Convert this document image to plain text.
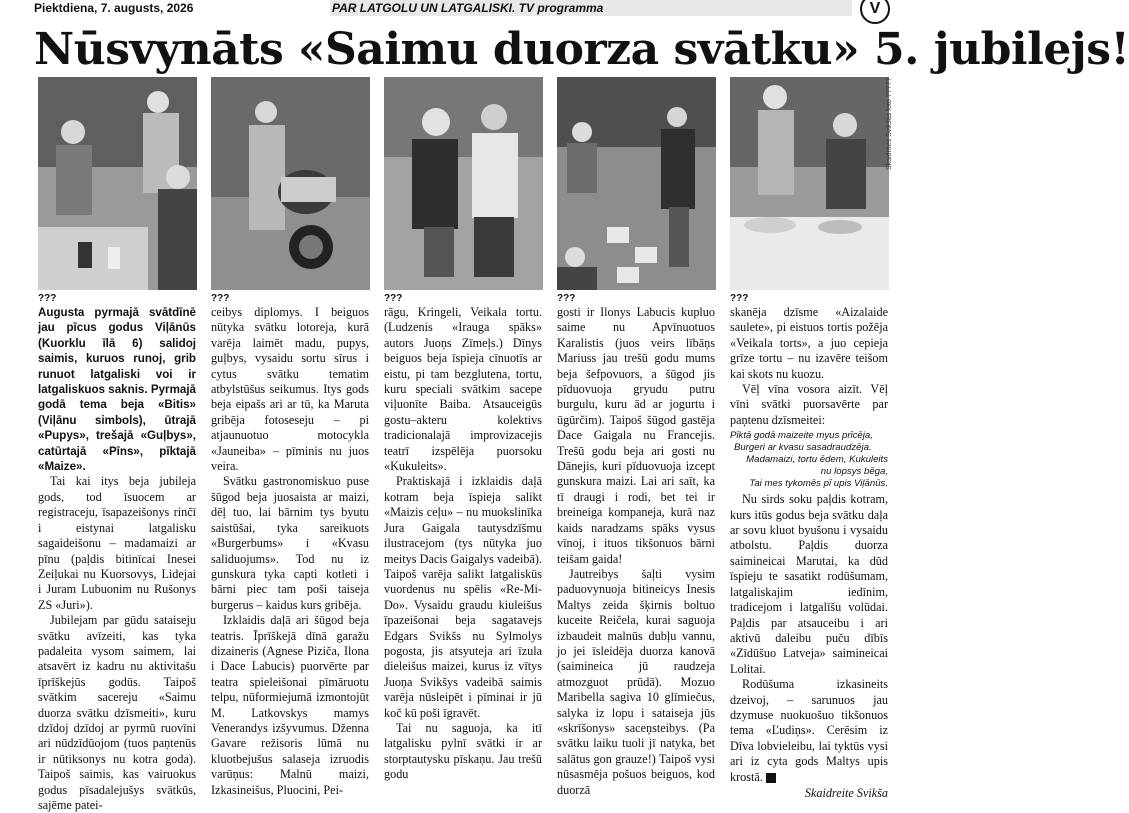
Piektdiena, 7. augusts, 2026	PAR LATGOLU UN LATGALISKI. TV programma	V
Nūsvynāts «Saimu duorza svātku» 5. jubilejs!
???	???	???	???	???
Skaidrītes Svikšas foto ?????

Augusta pyrmajā svātdīnē jau pīcus godus Viļānūs (Kuorklu īlā 6) salidoj saimis, kuruos runoj, grib runuot latgaliski voi ir latgaliskuos saknis. Pyrmajā godā tema beja «Bitis» (Viļānu simbols), ūtrajā «Pupys», trešajā «Guļbys», catūrtajā «Pīns», pīktajā «Maize».

Tai kai itys beja jubileja gods, tod īsuocem ar registraceju, īsapazeišonys rinčī i eistynai latgalisku sagaideišonu – madamaizi ar pīnu (paļdis bitinīcai Inesei Zeiļukai nu Kuorsovys, Lidejai i Juram Lubuonim nu Rušonys ZS «Juri»).

Jubilejam par gūdu sataiseju svātku avīzeiti, kas tyka padaleita vysom saimem, lai atsavērt iz kadru nu aktivitašu īprīškejūs godūs. Taipoš svātkim sacereju «Saimu duorza svātku dzīsmeiti», kuru dzīdoj dzīdoj ar pyrmū ruovīni ari nūdzīdūojom (tuos paņtenūs ir nūtiksonys nu kotra goda). Taipoš saimis, kas vairuokus godus pīsadalejušys svātkūs, sajēme patei-

ceibys diplomys. I beiguos nūtyka svātku lotoreja, kurā varēja laimēt madu, pupys, guļbys, vysaidu sortu sīrus i cytus svātku tematim atbylstūšus seikumus. Itys gods beja eipašs ari ar tū, ka Maruta gribēja fotoseseju – pi atjaunuotuo motocykla «Jauneiba» – pīminis nu juos veira.

Svātku gastronomiskuo puse šūgod beja juosaista ar maizi, dēļ tuo, lai bārnim tys byutu saistūšai, tyka sareikuots «Burgerbums» i «Kvasu saliduojums». Tod nu iz gunskura tyka capti kotleti i bārni piec tam poši taiseja burgerus – kaidus kurs gribēja.

Izklaidis daļā ari šūgod beja teatris. Īprīškejā dīnā garažu dizaineris (Agnese Piziča, Ilona i Dace Labucis) puorvērte par teatra spieleišonai pīmāruotu telpu, nūformiejumā izmontojūt M. Latkovskys mamys Venerandys izšyvumus. Dženna Gavare režisoris lūmā nu kluotbejušus salaseja izruodis varūņus: Malnū maizi, Izkasineišus, Pluocini, Pei-

rāgu, Kringeli, Veikala tortu. (Ludzenis «Irauga spāks» autors Juoņs Zīmeļs.) Dīnys beiguos beja īspieja cīnuotīs ar eistu, pi tam bezglutena, tortu, kuru speciali svātkim sacepe viļuonīte Baiba. Atsauceigūs gostu–akteru kolektivs tradicionalajā improvizacejis teatrī izspēlēja puorsoku «Kukuleits».

Praktiskajā i izklaidis daļā kotram beja īspieja salikt «Maizis ceļu» – nu muokslinīka Jura Gaigala tautysdzīšmu ilustracejom (tys nūtyka juo meitys Dacis Gaigalys vadeibā). Taipoš varēja salikt latgaliskūs vuordenus nu spēlis «Re-Mi-Do». Vysaidu graudu kiuleišus īpazeišonai beja sagatavejs Edgars Svikšs nu Sylmolys pogosta, jis atsyuteja ari īzula dieleišus maizei, kurus iz vītys Juoņa Svikšys vadeibā saimis varēja nūsleipēt i pīminai ir jū koč kū poši īgravēt.

Tai nu saguoja, ka itī latgalisku pylnī svātki ir ar storptautysku pīskaņu. Jau trešū godu

gosti ir Ilonys Labucis kupluo saime nu Apvīnuotuos Karalistis (juos veirs lībāņs Mariuss jau trešū godu mums beja šefpovuors, a šūgod jis pīduovuoja gryudu putru burgulu, kuru ād ar jogurtu i ūgūrčim). Taipoš šūgod gastēja Dace Gaigala nu Francejis. Trešū godu beja ari gosti nu Dānejis, kuri pīduovuoja izcept gunskura maizi. Lai ari saīt, ka tī draugi i rodi, bet tei ir breineiga kompaneja, kurā naz kaids naradzams spāks vysus vīnoj, i ituos tikšonuos bārni teišam gaida!

Jautreibys šaļti vysim paduovynuoja bitineicys Inesis Maltys zeida šķirnis boltuo kuceite Reičela, kurai saguoja izbaudeit malnūs dubļu vannu, jo jei īsleidēja duorza kanovā (saimineica jū raudzeja atmozguot prūdā). Mozuo Maribella sagiva 10 glīmiečus, salyka iz lopu i sataiseja jūs «skrīšonys» saceņsteibys. (Pa svātku laiku tuoli jī natyka, bet salātus gon grauze!) Taipoš vysi nūsasmēja pošuos beiguos, kod duorzā

skanēja dzīsme «Aizalaide saulete», pi eistuos tortis požēja «Veikala torts», a juo cepieja grīze tortu – nu izavēre teišom kai skots nu kuozu.

Vēļ vīna vosora aizīt. Vēļ vīni svātki puorsavērte par paņtenu dzīsmeitei:

Pīktā godā maizeite myus prīcēja,
Burgeri ar kvasu sasadraudzēja.
Madamaizi, tortu ēdem, Kukuleits
nu lopsys bēga,
Tai mes tykomēs pī upis Viļānūs.

Nu sirds soku paļdis kotram, kurs itūs godus beja svātku daļa ar sovu kluot byušonu i vysaidu atbolstu. Paļdis duorza saimineicai Marutai, ka dūd īspieju te sasatikt rodūšumam, latgaliskajim iedīnim, tradicejom i latgalīšu volūdai. Paļdis par atsauceibu i ari aktivū daleibu puču dībīs «Zīdūšuo Latveja» saimineicai Lolitai.

Rodūšuma izkasineits dzeivoj, – sarunuos jau dzymuse nuokuošuo tikšonuos tema «Ľudiņs». Cerēsim iz Dīva lobvieleibu, lai tyktūs vysi ari iz cyta gods Maltys upis krostā. V

Skaidreite Svikša
